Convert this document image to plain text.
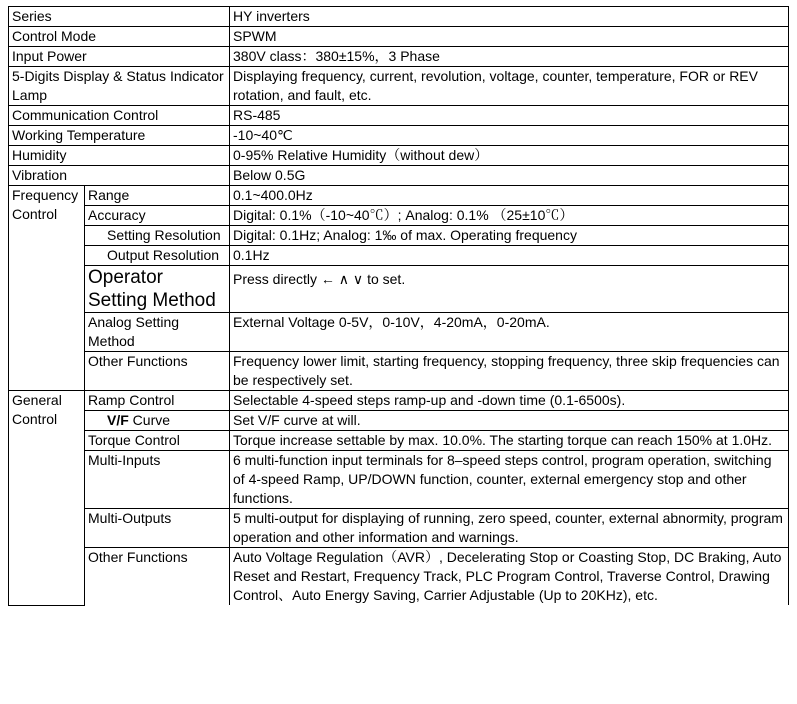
Series		HY inverters
Control Mode		SPWM
Input Power		380V class：380±15%，3 Phase
5-Digits Display & Status Indicator Lamp		Displaying frequency, current, revolution, voltage, counter, temperature, FOR or REV rotation, and fault, etc.
Communication Control		RS-485
Working Temperature		-10~40℃
Humidity		0-95% Relative Humidity（without dew）
Vibration		Below 0.5G
Frequency Control	Range	0.1~400.0Hz
	Accuracy	Digital: 0.1%（-10~40℃）; Analog: 0.1% （25±10℃）
	Setting Resolution	Digital: 0.1Hz; Analog: 1‰ of max. Operating frequency
	Output Resolution	0.1Hz
	Operator Setting Method	Press directly ← ∧ ∨ to set.
	Analog Setting Method	External Voltage 0-5V，0-10V，4-20mA，0-20mA.
	Other Functions	Frequency lower limit, starting frequency, stopping frequency, three skip frequencies can be respectively set.
General Control	Ramp Control	Selectable 4-speed steps ramp-up and -down time (0.1-6500s).
	V/F Curve	Set V/F curve at will.
	Torque Control	Torque increase settable by max. 10.0%. The starting torque can reach 150% at 1.0Hz.
	Multi-Inputs	6 multi-function input terminals for 8–speed steps control, program operation, switching of 4-speed Ramp, UP/DOWN function, counter, external emergency stop and other functions.
	Multi-Outputs	5 multi-output for displaying of running, zero speed, counter, external abnormity, program operation and other information and warnings.
	Other Functions	Auto Voltage Regulation（AVR）, Decelerating Stop or Coasting Stop, DC Braking, Auto Reset and Restart, Frequency Track, PLC Program Control, Traverse Control, Drawing Control、Auto Energy Saving, Carrier Adjustable (Up to 20KHz), etc.
